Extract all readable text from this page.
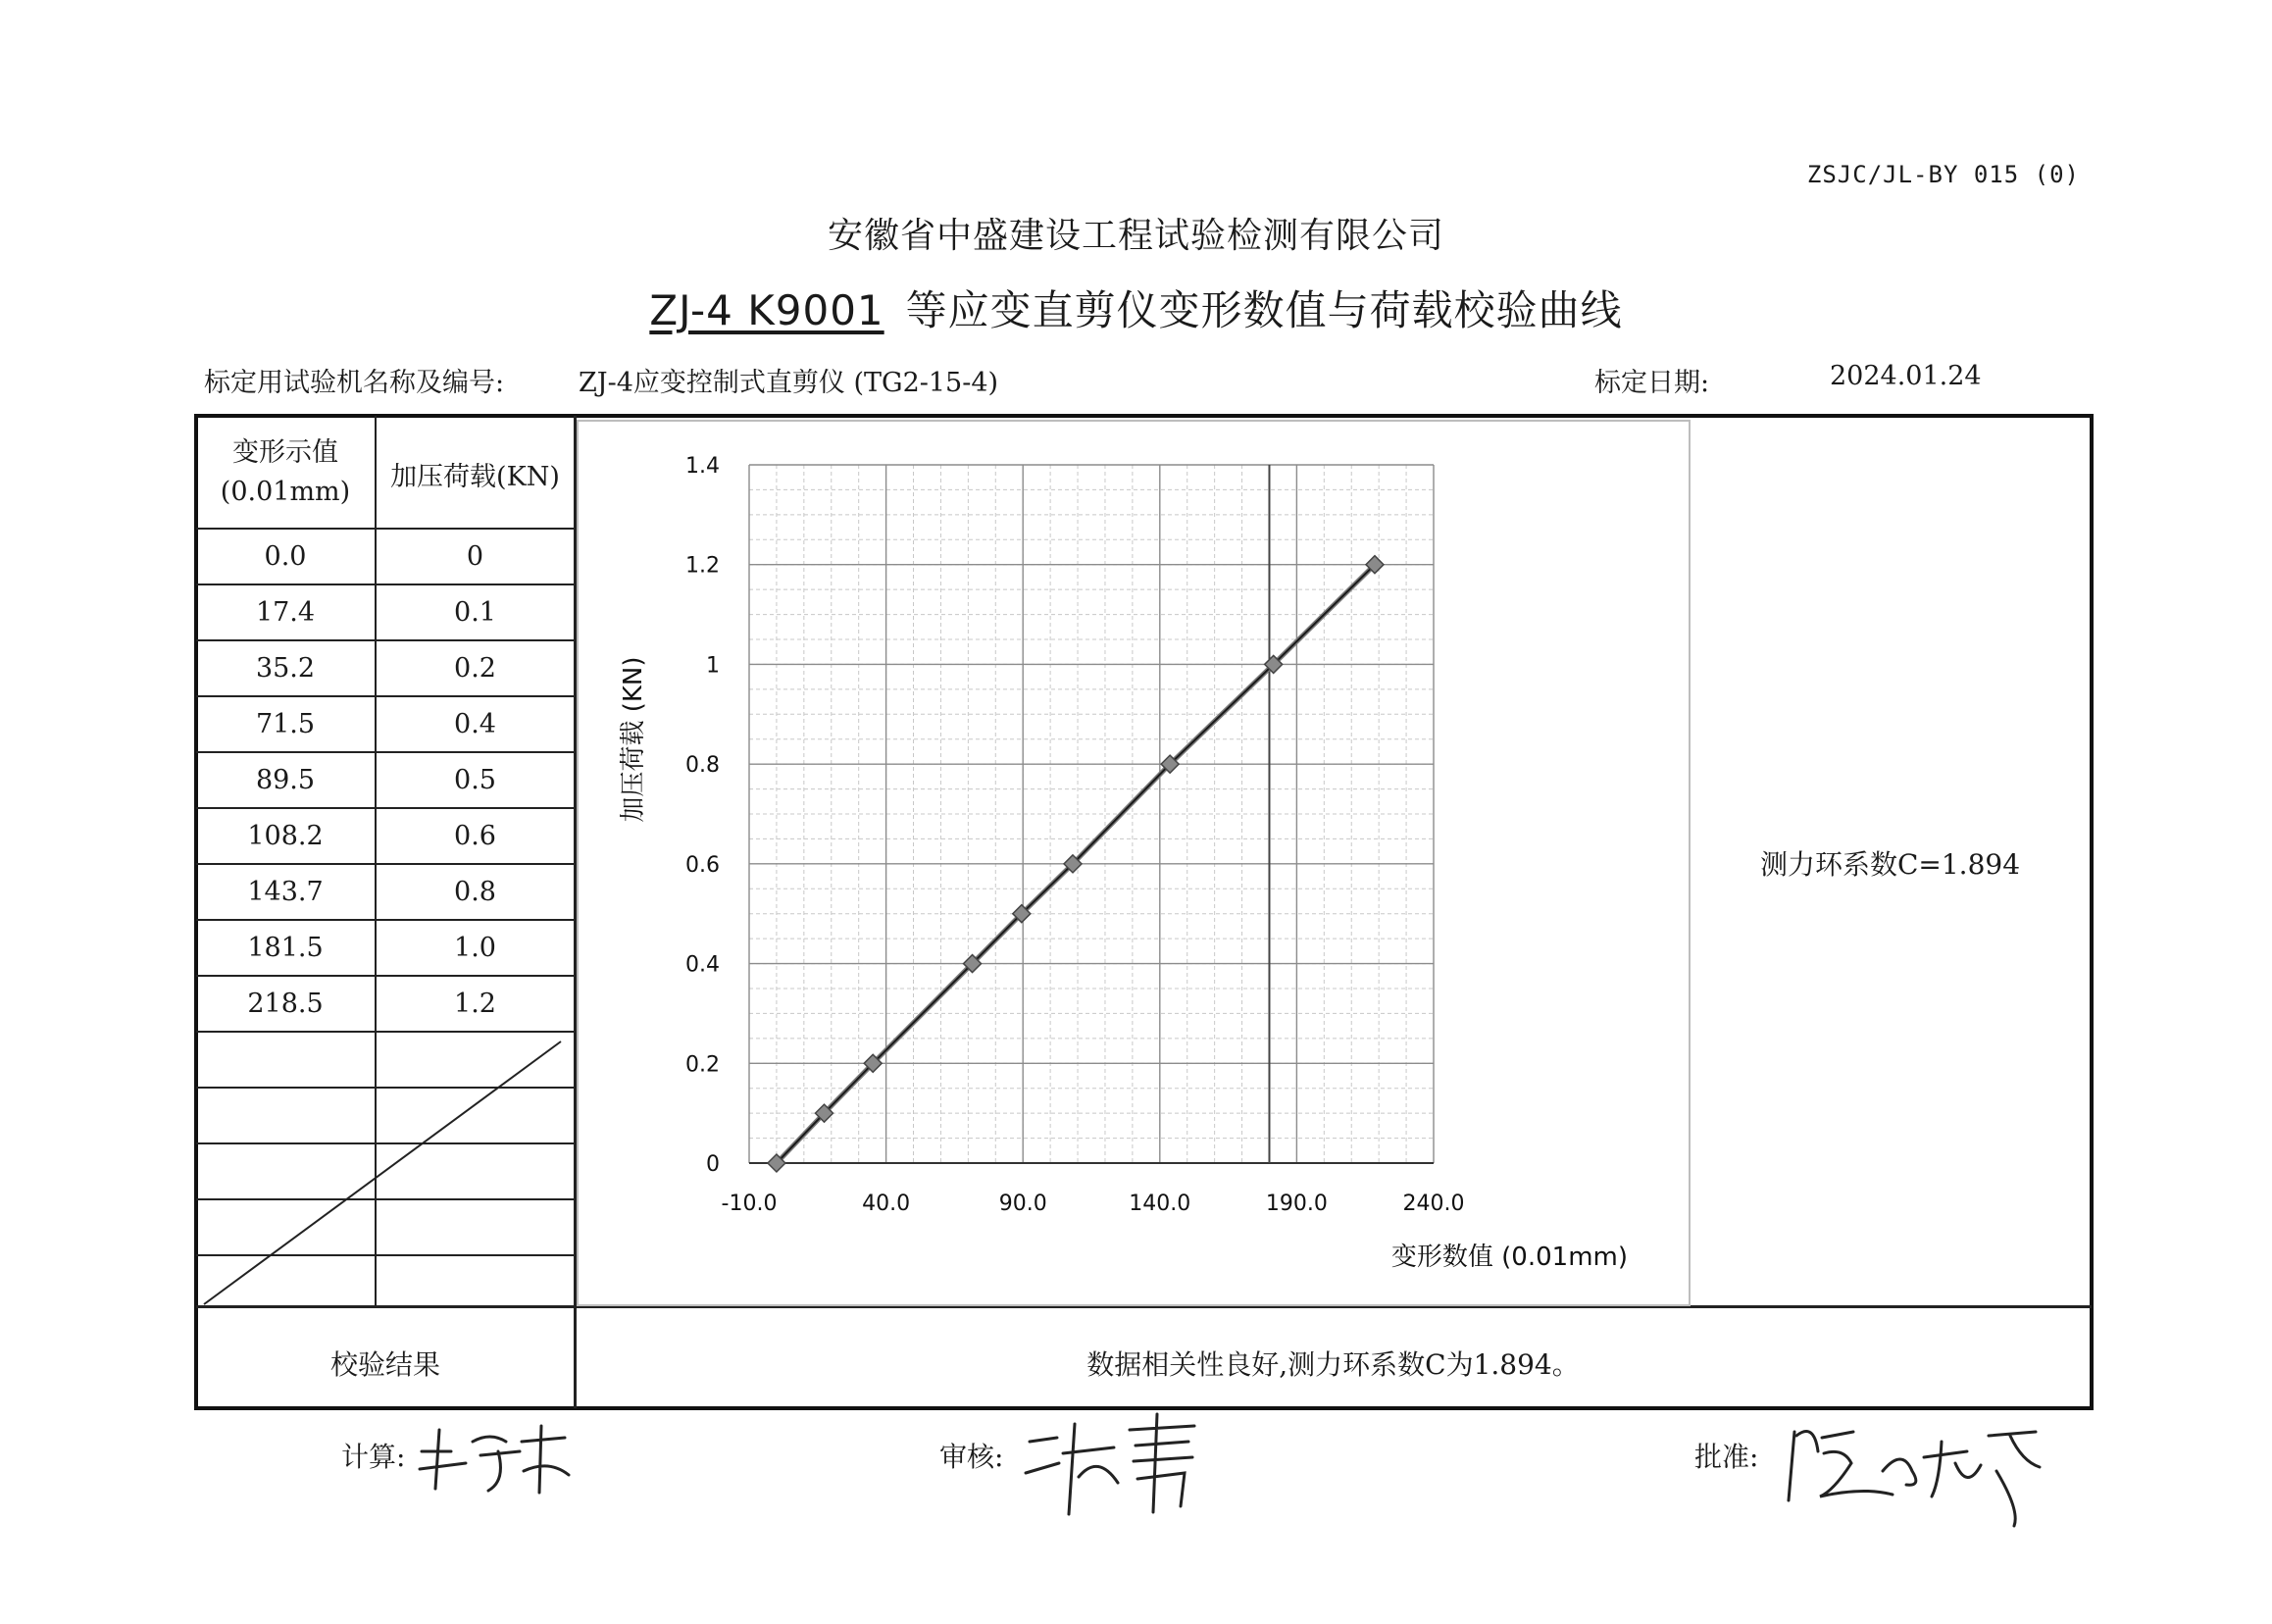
ZSJC/JL-BY 015 (0)
安徽省中盛建设工程试验检测有限公司
ZJ-4 K9001 等应变直剪仪变形数值与荷载校验曲线
标定用试验机名称及编号:	ZJ-4应变控制式直剪仪 (TG2-15-4)	标定日期:	2024.01.24
变形示值
(0.01mm)	加压荷载(KN)
0.0	0
17.4	0.1
35.2	0.2
71.5	0.4
89.5	0.5
108.2	0.6
143.7	0.8
181.5	1.0
218.5	1.2
-10.0	40.0	90.0	140.0	190.0	240.0
0
0.2
0.4
0.6
0.8
1
1.2
1.4
变形数值 (0.01mm)
加压荷载 (KN)
测力环系数C=1.894
校验结果	数据相关性良好,测力环系数C为1.894。
计算:	审核:	批准:
